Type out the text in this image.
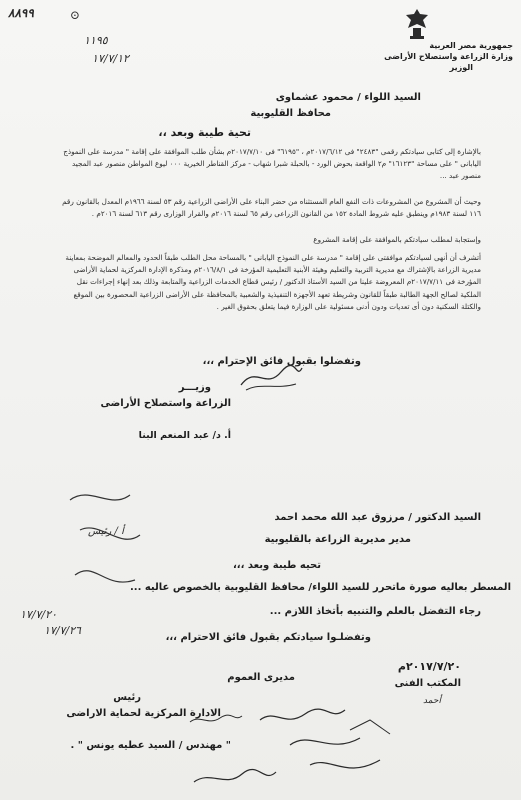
٨٨٩٩	⊙
١١٩٥
١٧/٧/١٢
جمهورية مصر العربية
وزارة الزراعة واستصلاح الأراضى
الوزير
السيد اللواء / محمود عشماوى
محافظ القليوبية
تحية طيبة وبعد ،،
بالإشارة إلى كتابى سيادتكم رقمى "٢٤٨٣" فى ٢٠١٧/٦/١٢م ، "٦١٩٥" فى ٢٠١٧/٧/١٠م بشأن طلب الموافقة على إقامة " مدرسة على النموذج اليابانى " على مساحة "١٦١٢٣" م٢ الواقعة بحوض الورد - بالحبلة شبرا شهاب - مركز القناطر الخيرية ٠٠٠ ليوع المواطن منصور عبد المجيد منصور عبد ...
وحيث أن المشروع من المشروعات ذات النفع العام المستثناه من حضر البناء على الأراضى الزراعية رقم ٥٣ لسنة ١٩٦٦م المعدل بالقانون رقم ١١٦ لسنة ١٩٨٣م وينطبق عليه شروط المادة ١٥٢ من القانون الزراعى رقم ٦٥ لسنة ٢٠١٦م والقرار الوزارى رقم ٦١٣ لسنة ٢٠١٦م .
وإستجابة لمطلب سيادتكم بالموافقة على إقامة المشروع
أتشرف أن أنهى لسيادتكم موافقتى على إقامة " مدرسة على النموذج اليابانى " بالمساحة محل الطلب طبقاً الحدود والمعالم الموضحة بمعاينة مديرية الزراعة بالإشتراك مع مديرية التربية والتعليم وهيئة الأبنية التعليمية المؤرخة فى ٢٠١٦/٨/١م ومذكرة الإدارة المركزية لحماية الأراضى المؤرخة فى ٢٠١٧/٧/١١م المعروضة علينا من السيد الأستاذ الدكتور / رئيس قطاع الخدمات الزراعية والمتابعة وذلك بعد إنهاء إجراءات نقل الملكية لصالح الجهة الطالبة طبقاً للقانون وشريطة تعهد الأجهزة التنفيذية والشعبية بالمحافظة على الأراضى الزراعية المحصورة بين الموقع والكتلة السكنية دون أى تعديات ودون أدنى مسئولية على الوزارة فيما يتعلق بحقوق الغير .
وتفضلوا بقبول فائق الإحترام ،،،
وزيـــر
الزراعة واستصلاح الأراضى
أ. د/ عبد المنعم البنا
أ / رئيس
١٧/٧/٢٠
١٧/٧/٢٦
السيد الدكتور / مرزوق عبد الله محمد احمد
مدير مديرية الزراعة بالقليوبية
تحيه طيبة وبعد ،،،
المسطر بعاليه صورة ماتحرر للسيد اللواء/ محافظ القليوبية بالخصوص عاليه ...
رجاء التفضل بالعلم والتنبيه بأتخاذ اللازم ...
وتفضلـوا سيادتكم بقبول فائق الاحترام ،،،
٢٠١٧/٧/٢٠م
المكتب الفنى
أحمد
مديرى العموم
رئيس
الادارة المركزية لحماية الاراضى
" مهندس / السيد عطيه يونس " .
